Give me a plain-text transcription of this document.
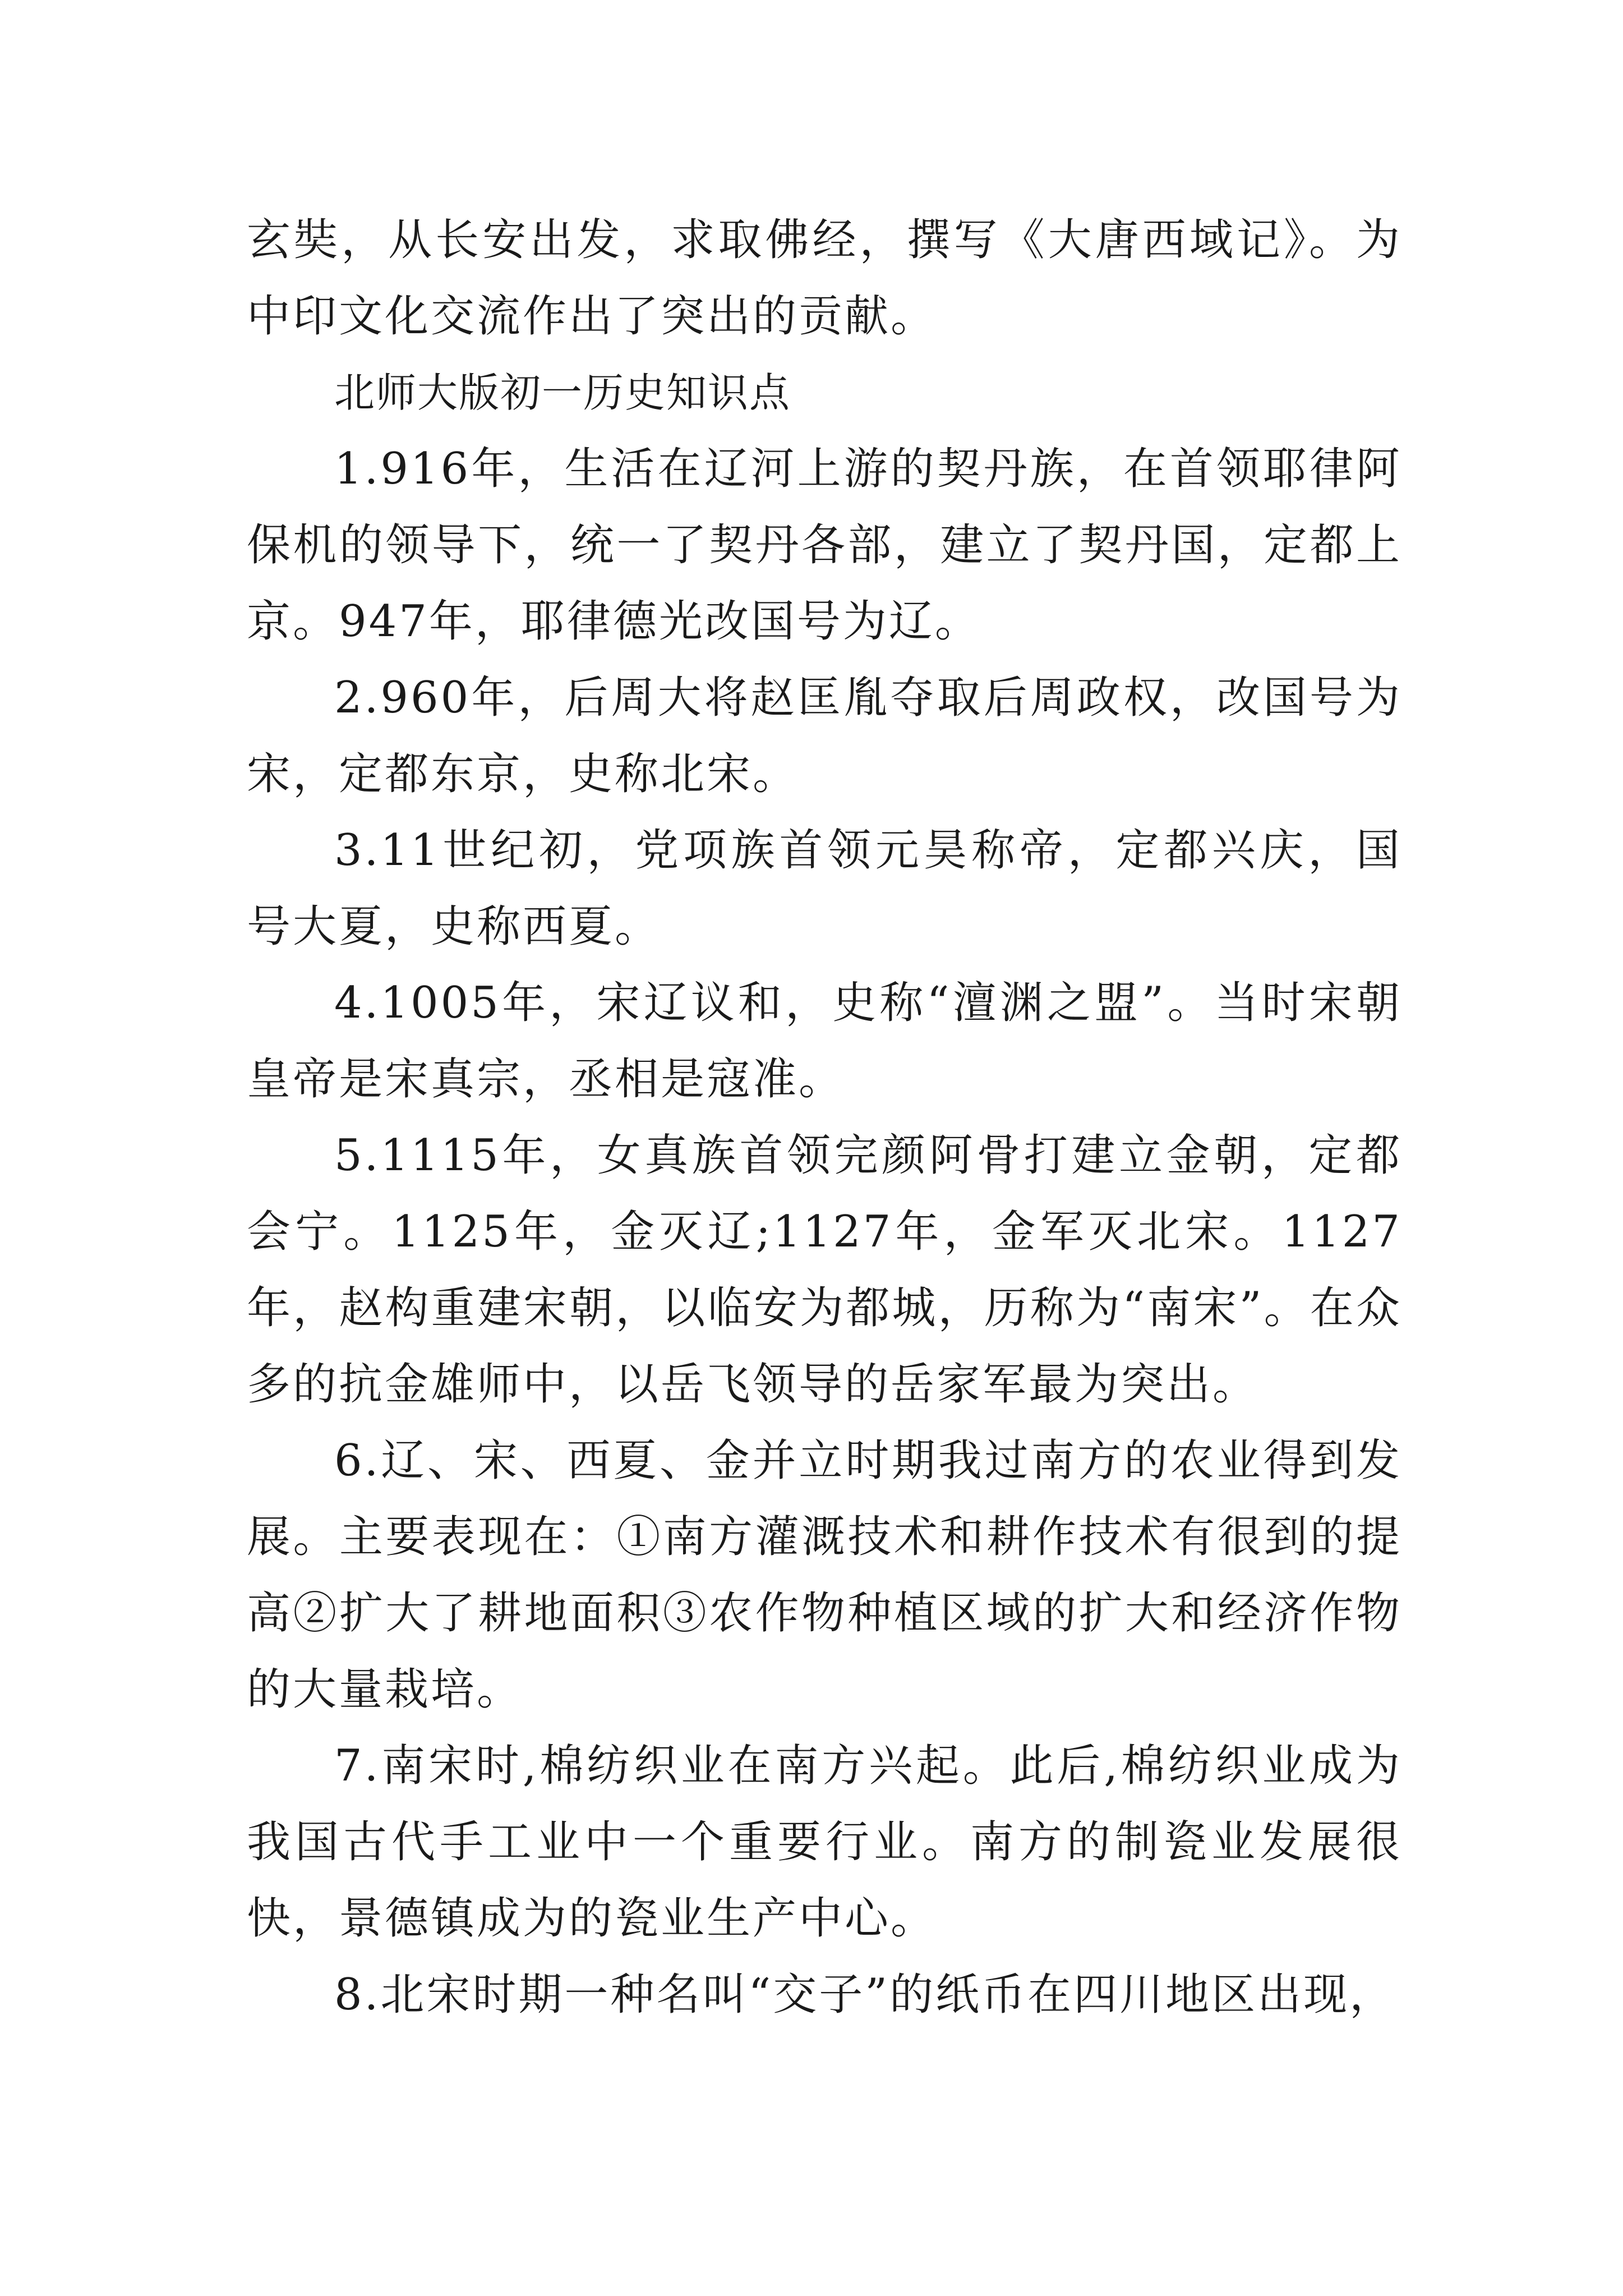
玄奘，从长安出发，求取佛经，撰写《大唐西域记》。为中印文化交流作出了突出的贡献。

北师大版初一历史知识点

1.916年，生活在辽河上游的契丹族，在首领耶律阿保机的领导下，统一了契丹各部，建立了契丹国，定都上京。947年，耶律德光改国号为辽。

2.960年，后周大将赵匡胤夺取后周政权，改国号为宋，定都东京，史称北宋。

3.11世纪初，党项族首领元昊称帝，定都兴庆，国号大夏，史称西夏。

4.1005年，宋辽议和，史称“澶渊之盟”。当时宋朝皇帝是宋真宗，丞相是寇准。

5.1115年，女真族首领完颜阿骨打建立金朝，定都会宁。1125年，金灭辽;1127年，金军灭北宋。1127年，赵构重建宋朝，以临安为都城，历称为“南宋”。在众多的抗金雄师中，以岳飞领导的岳家军最为突出。

6.辽、宋、西夏、金并立时期我过南方的农业得到发展。主要表现在：①南方灌溉技术和耕作技术有很到的提高②扩大了耕地面积③农作物种植区域的扩大和经济作物的大量栽培。

7.南宋时,棉纺织业在南方兴起。此后,棉纺织业成为我国古代手工业中一个重要行业。南方的制瓷业发展很快，景德镇成为的瓷业生产中心。

8.北宋时期一种名叫“交子”的纸币在四川地区出现，
